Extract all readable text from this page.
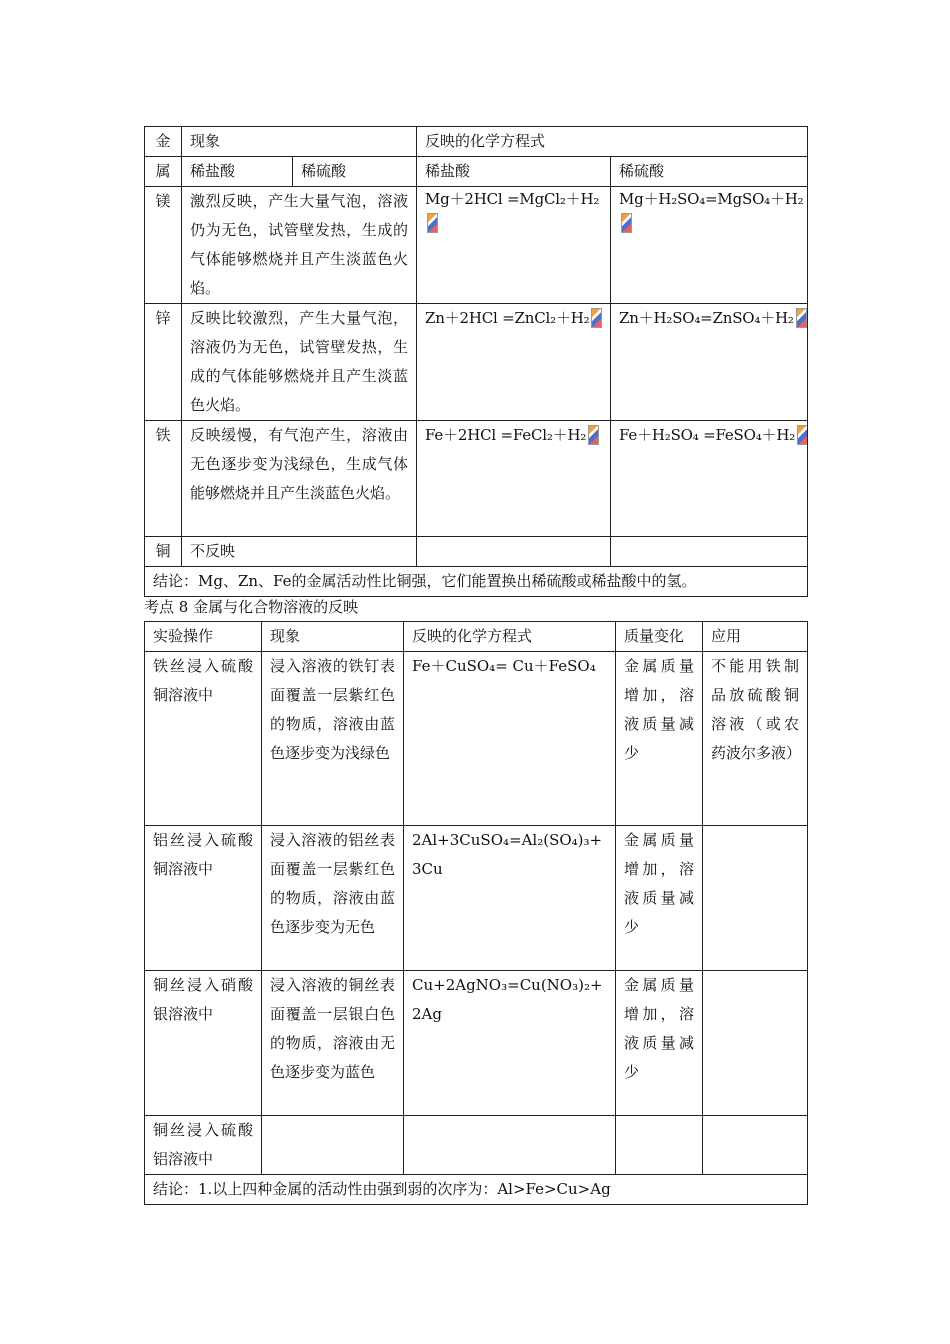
金	现象		反映的化学方程式	
属	稀盐酸	稀硫酸	稀盐酸	稀硫酸
镁	激烈反映，产生大量气泡，溶液仍为无色，试管壁发热，生成的气体能够燃烧并且产生淡蓝色火焰。		Mg＋2HCl =MgCl₂＋H₂	Mg＋H₂SO₄=MgSO₄＋H₂

锌	反映比较激烈，产生大量气泡，溶液仍为无色，试管壁发热，生成的气体能够燃烧并且产生淡蓝色火焰。		Zn＋2HCl =ZnCl₂＋H₂	Zn＋H₂SO₄=ZnSO₄＋H₂
铁	反映缓慢，有气泡产生，溶液由无色逐步变为浅绿色，生成气体能够燃烧并且产生淡蓝色火焰。		Fe＋2HCl =FeCl₂＋H₂	Fe＋H₂SO₄ =FeSO₄＋H₂
铜	不反映			
结论：Mg、Zn、Fe的金属活动性比铜强，它们能置换出稀硫酸或稀盐酸中的氢。				
考点 8 金属与化合物溶液的反映
实验操作	现象	反映的化学方程式	质量变化	应用
铁丝浸入硫酸铜溶液中	浸入溶液的铁钉表面覆盖一层紫红色的物质，溶液由蓝色逐步变为浅绿色	Fe＋CuSO₄= Cu＋FeSO₄	金属质量增加，溶液质量减少	不能用铁制品放硫酸铜溶液（或农药波尔多液）
铝丝浸入硫酸铜溶液中	浸入溶液的铝丝表面覆盖一层紫红色的物质，溶液由蓝色逐步变为无色	2Al+3CuSO₄=Al₂(SO₄)₃+3Cu	金属质量增加，溶液质量减少	
铜丝浸入硝酸银溶液中	浸入溶液的铜丝表面覆盖一层银白色的物质，溶液由无色逐步变为蓝色	Cu+2AgNO₃=Cu(NO₃)₂+2Ag	金属质量增加，溶液质量减少	
铜丝浸入硫酸铝溶液中				
结论：1.以上四种金属的活动性由强到弱的次序为：Al>Fe>Cu>Ag				
